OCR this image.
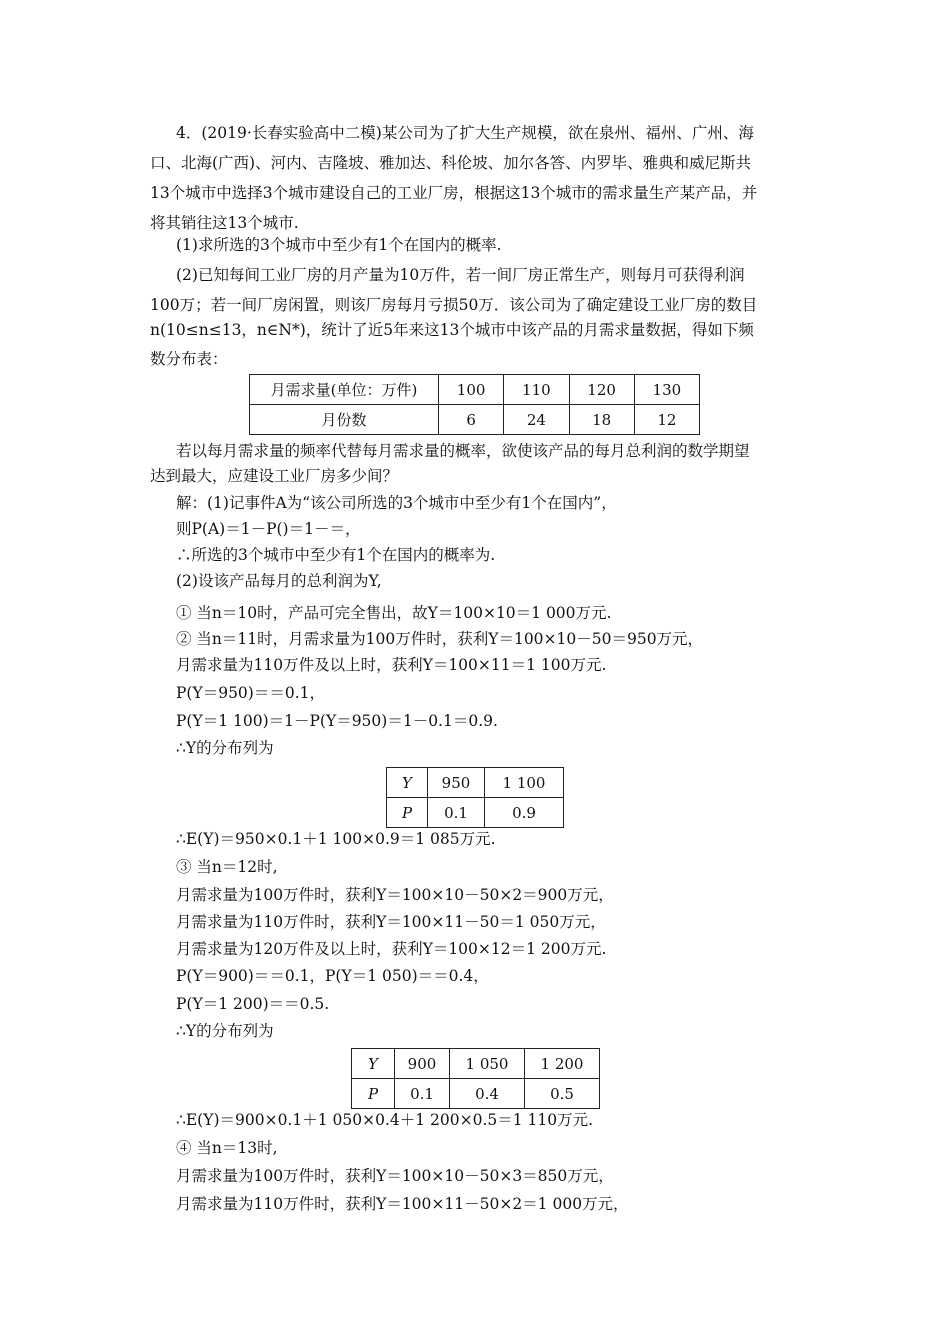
4．(2019·长春实验高中二模)某公司为了扩大生产规模，欲在泉州、福州、广州、海
口、北海(广西)、河内、吉隆坡、雅加达、科伦坡、加尔各答、内罗毕、雅典和威尼斯共
13个城市中选择3个城市建设自己的工业厂房，根据这13个城市的需求量生产某产品，并
将其销往这13个城市.
(1)求所选的3个城市中至少有1个在国内的概率.
(2)已知每间工业厂房的月产量为10万件，若一间厂房正常生产，则每月可获得利润
100万；若一间厂房闲置，则该厂房每月亏损50万．该公司为了确定建设工业厂房的数目
n(10≤n≤13，n∈N*)，统计了近5年来这13个城市中该产品的月需求量数据，得如下频
数分布表：
月需求量(单位：万件)	100	110	120	130
月份数	6	24	18	12
若以每月需求量的频率代替每月需求量的概率，欲使该产品的每月总利润的数学期望
达到最大，应建设工业厂房多少间？
解：(1)记事件A为“该公司所选的3个城市中至少有1个在国内”，
则P(A)＝1－P()＝1－＝，
∴所选的3个城市中至少有1个在国内的概率为.
(2)设该产品每月的总利润为Y,
① 当n＝10时，产品可完全售出，故Y＝100×10＝1 000万元.
② 当n＝11时，月需求量为100万件时，获利Y＝100×10－50＝950万元，
月需求量为110万件及以上时，获利Y＝100×11＝1 100万元.
P(Y＝950)＝＝0.1，
P(Y＝1 100)＝1－P(Y＝950)＝1－0.1＝0.9.
∴Y的分布列为
Y	950	1 100
P	0.1	0.9
∴E(Y)＝950×0.1＋1 100×0.9＝1 085万元.
③ 当n＝12时,
月需求量为100万件时，获利Y＝100×10－50×2＝900万元，
月需求量为110万件时，获利Y＝100×11－50＝1 050万元，
月需求量为120万件及以上时，获利Y＝100×12＝1 200万元.
P(Y＝900)＝＝0.1，P(Y＝1 050)＝＝0.4，
P(Y＝1 200)＝＝0.5.
∴Y的分布列为
Y	900	1 050	1 200
P	0.1	0.4	0.5
∴E(Y)＝900×0.1＋1 050×0.4＋1 200×0.5＝1 110万元.
④ 当n＝13时,
月需求量为100万件时，获利Y＝100×10－50×3＝850万元，
月需求量为110万件时，获利Y＝100×11－50×2＝1 000万元，
